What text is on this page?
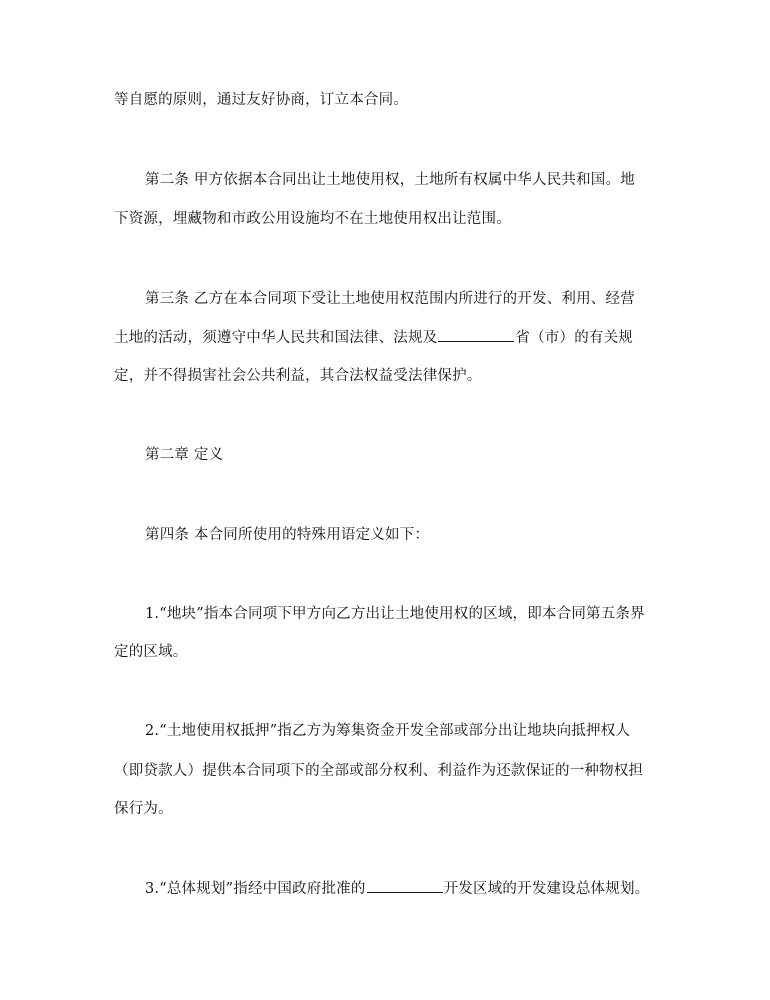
等自愿的原则，通过友好协商，订立本合同。
第二条 甲方依据本合同出让土地使用权，土地所有权属中华人民共和国。地
下资源，埋藏物和市政公用设施均不在土地使用权出让范围。
第三条 乙方在本合同项下受让土地使用权范围内所进行的开发、利用、经营
土地的活动，须遵守中华人民共和国法律、法规及	省（市）的有关规
定，并不得损害社会公共利益，其合法权益受法律保护。
第二章 定义
第四条 本合同所使用的特殊用语定义如下：
1.“地块”指本合同项下甲方向乙方出让土地使用权的区域，即本合同第五条界
定的区域。
2.“土地使用权抵押”指乙方为筹集资金开发全部或部分出让地块向抵押权人
（即贷款人）提供本合同项下的全部或部分权利、利益作为还款保证的一种物权担
保行为。
3.“总体规划”指经中国政府批准的	开发区域的开发建设总体规划。
